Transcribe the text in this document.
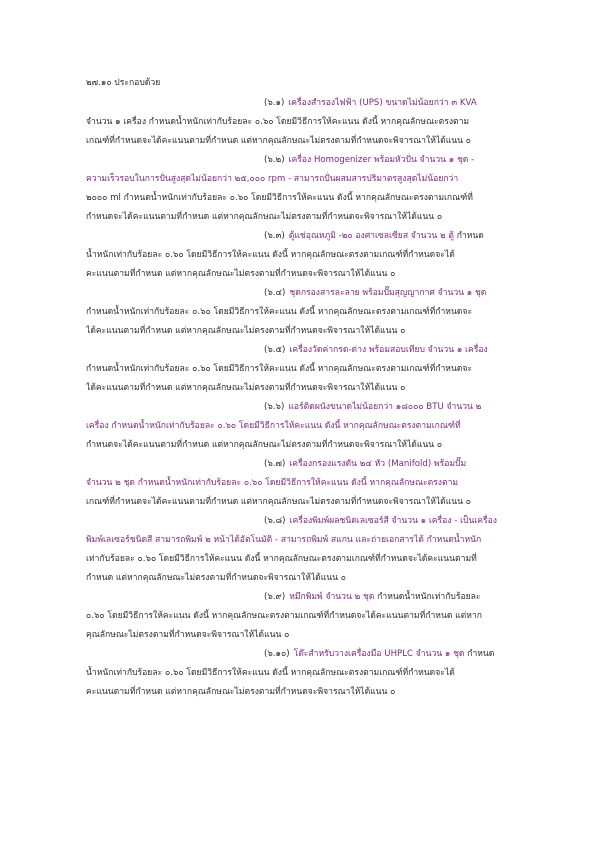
๒๗.๑๐ ประกอบด้วย
(๖.๑) เครื่องสำรองไฟฟ้า (UPS) ขนาดไม่น้อยกว่า ๓ KVA
จำนวน ๑ เครื่อง กำหนดน้ำหนักเท่ากับร้อยละ ๐.๖๐ โดยมีวิธีการให้คะแนน ดังนี้ หากคุณลักษณะตรงตาม
เกณฑ์ที่กำหนดจะได้คะแนนตามที่กำหนด แต่หากคุณลักษณะไม่ตรงตามที่กำหนดจะพิจารณาให้ได้แนน ๐
(๖.๒) เครื่อง Homogenizer พร้อมหัวปั่น จำนวน ๑ ชุด -
ความเร็วรอบในการปั่นสูงสุดไม่น้อยกว่า ๒๕,๐๐๐ rpm - สามารถปั่นผสมสารปริมาตรสูงสุดไม่น้อยกว่า
๒๐๐๐ ml กำหนดน้ำหนักเท่ากับร้อยละ ๐.๖๐ โดยมีวิธีการให้คะแนน ดังนี้ หากคุณลักษณะตรงตามเกณฑ์ที่
กำหนดจะได้คะแนนตามที่กำหนด แต่หากคุณลักษณะไม่ตรงตามที่กำหนดจะพิจารณาให้ได้แนน ๐
(๖.๓) ตู้แช่อุณหภูมิ -๒๐ องศาเซลเซียส จำนวน ๒ ตู้ กำหนด
น้ำหนักเท่ากับร้อยละ ๐.๖๐ โดยมีวิธีการให้คะแนน ดังนี้ หากคุณลักษณะตรงตามเกณฑ์ที่กำหนดจะได้
คะแนนตามที่กำหนด แต่หากคุณลักษณะไม่ตรงตามที่กำหนดจะพิจารณาให้ได้แนน ๐
(๖.๔) ชุดกรองสารละลาย พร้อมปั๊มสุญญากาศ จำนวน ๑ ชุด
กำหนดน้ำหนักเท่ากับร้อยละ ๐.๖๐ โดยมีวิธีการให้คะแนน ดังนี้ หากคุณลักษณะตรงตามเกณฑ์ที่กำหนดจะ
ได้คะแนนตามที่กำหนด แต่หากคุณลักษณะไม่ตรงตามที่กำหนดจะพิจารณาให้ได้แนน ๐
(๖.๕) เครื่องวัดค่ากรด-ด่าง พร้อมสอบเทียบ จำนวน ๑ เครื่อง
กำหนดน้ำหนักเท่ากับร้อยละ ๐.๖๐ โดยมีวิธีการให้คะแนน ดังนี้ หากคุณลักษณะตรงตามเกณฑ์ที่กำหนดจะ
ได้คะแนนตามที่กำหนด แต่หากคุณลักษณะไม่ตรงตามที่กำหนดจะพิจารณาให้ได้แนน ๐
(๖.๖) แอร์ติดผนังขนาดไม่น้อยกว่า ๑๘๐๐๐ BTU จำนวน ๒
เครื่อง กำหนดน้ำหนักเท่ากับร้อยละ ๐.๖๐ โดยมีวิธีการให้คะแนน ดังนี้ หากคุณลักษณะตรงตามเกณฑ์ที่
กำหนดจะได้คะแนนตามที่กำหนด แต่หากคุณลักษณะไม่ตรงตามที่กำหนดจะพิจารณาให้ได้แนน ๐
(๖.๗) เครื่องกรองแรงดัน ๒๔ หัว (Manifold) พร้อมปั๊ม
จำนวน ๒ ชุด กำหนดน้ำหนักเท่ากับร้อยละ ๐.๖๐ โดยมีวิธีการให้คะแนน ดังนี้ หากคุณลักษณะตรงตาม
เกณฑ์ที่กำหนดจะได้คะแนนตามที่กำหนด แต่หากคุณลักษณะไม่ตรงตามที่กำหนดจะพิจารณาให้ได้แนน ๐
(๖.๘) เครื่องพิมพ์ผลชนิดเลเซอร์สี จำนวน ๑ เครื่อง - เป็นเครื่อง
พิมพ์เลเซอร์ชนิดสี สามารถพิมพ์ ๒ หน้าได้อัตโนมัติ - สามารถพิมพ์ สแกน และถ่ายเอกสารได้ กำหนดน้ำหนัก
เท่ากับร้อยละ ๐.๖๐ โดยมีวิธีการให้คะแนน ดังนี้ หากคุณลักษณะตรงตามเกณฑ์ที่กำหนดจะได้คะแนนตามที่
กำหนด แต่หากคุณลักษณะไม่ตรงตามที่กำหนดจะพิจารณาให้ได้แนน ๐
(๖.๙) หมึกพิมพ์ จำนวน ๒ ชุด กำหนดน้ำหนักเท่ากับร้อยละ
๐.๖๐ โดยมีวิธีการให้คะแนน ดังนี้ หากคุณลักษณะตรงตามเกณฑ์ที่กำหนดจะได้คะแนนตามที่กำหนด แต่หาก
คุณลักษณะไม่ตรงตามที่กำหนดจะพิจารณาให้ได้แนน ๐
(๖.๑๐) โต๊ะสำหรับวางเครื่องมือ UHPLC จำนวน ๑ ชุด กำหนด
น้ำหนักเท่ากับร้อยละ ๐.๖๐ โดยมีวิธีการให้คะแนน ดังนี้ หากคุณลักษณะตรงตามเกณฑ์ที่กำหนดจะได้
คะแนนตามที่กำหนด แต่หากคุณลักษณะไม่ตรงตามที่กำหนดจะพิจารณาให้ได้แนน ๐
